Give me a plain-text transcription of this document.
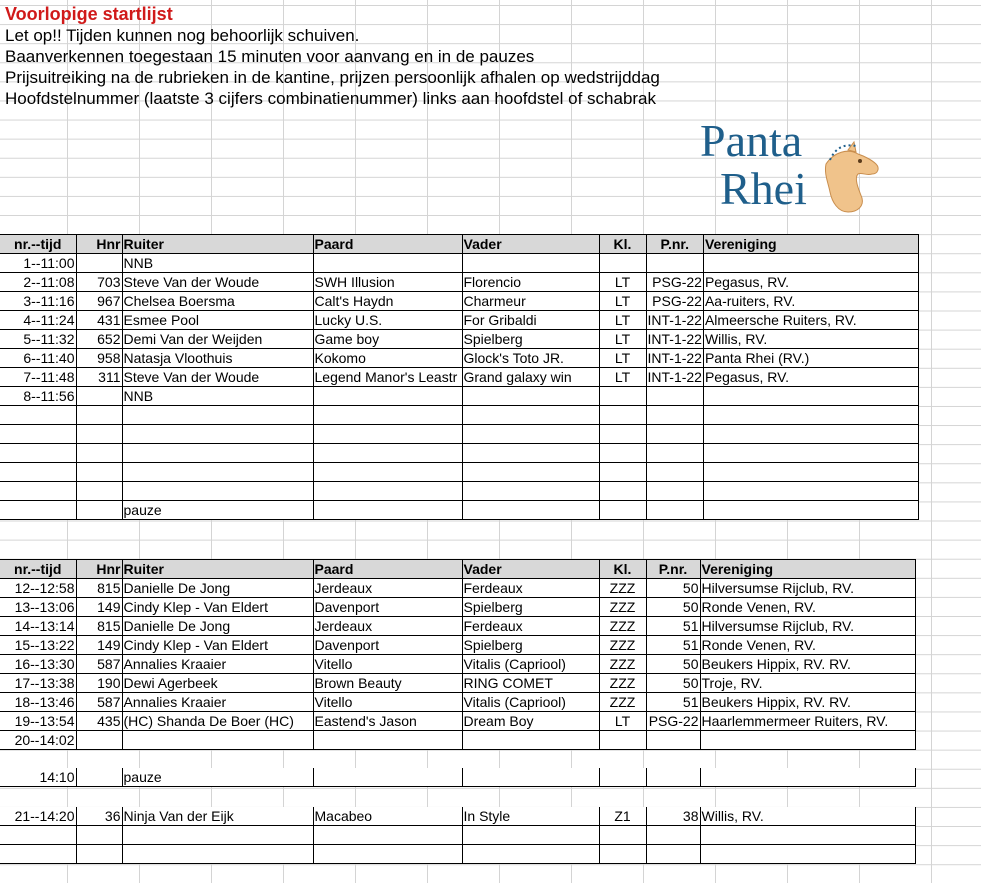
Voorlopige startlijst
Let op!! Tijden kunnen nog behoorlijk schuiven.
Baanverkennen toegestaan 15 minuten voor aanvang en in de pauzes
Prijsuitreiking na de rubrieken in de kantine, prijzen persoonlijk afhalen op wedstrijddag
Hoofdstelnummer (laatste 3 cijfers combinatienummer) links aan hoofdstel of schabrak
Panta
Rhei
nr.--tijd	Hnr	Ruiter	Paard	Vader	Kl.	P.nr.	Vereniging
1--11:00		NNB					
2--11:08	703	Steve Van der Woude	SWH Illusion	Florencio	LT	PSG-22	Pegasus, RV.
3--11:16	967	Chelsea Boersma	Calt's Haydn	Charmeur	LT	PSG-22	Aa-ruiters, RV.
4--11:24	431	Esmee Pool	Lucky U.S.	For Gribaldi	LT	INT-1-22	Almeersche Ruiters, RV.
5--11:32	652	Demi Van der Weijden	Game boy	Spielberg	LT	INT-1-22	Willis, RV.
6--11:40	958	Natasja Vloothuis	Kokomo	Glock's Toto JR.	LT	INT-1-22	Panta Rhei (RV.)
7--11:48	311	Steve Van der Woude	Legend Manor's Leastr	Grand galaxy win	LT	INT-1-22	Pegasus, RV.
8--11:56		NNB					

		pauze					
nr.--tijd	Hnr	Ruiter	Paard	Vader	Kl.	P.nr.	Vereniging
12--12:58	815	Danielle De Jong	Jerdeaux	Ferdeaux	ZZZ	50	Hilversumse Rijclub, RV.
13--13:06	149	Cindy Klep - Van Eldert	Davenport	Spielberg	ZZZ	50	Ronde Venen, RV.
14--13:14	815	Danielle De Jong	Jerdeaux	Ferdeaux	ZZZ	51	Hilversumse Rijclub, RV.
15--13:22	149	Cindy Klep - Van Eldert	Davenport	Spielberg	ZZZ	51	Ronde Venen, RV.
16--13:30	587	Annalies Kraaier	Vitello	Vitalis (Capriool)	ZZZ	50	Beukers Hippix, RV. RV.
17--13:38	190	Dewi Agerbeek	Brown Beauty	RING COMET	ZZZ	50	Troje, RV.
18--13:46	587	Annalies Kraaier	Vitello	Vitalis (Capriool)	ZZZ	51	Beukers Hippix, RV. RV.
19--13:54	435	(HC) Shanda De Boer (HC)	Eastend's Jason	Dream Boy	LT	PSG-22	Haarlemmermeer Ruiters, RV.
20--14:02							
14:10		pauze					
21--14:20	36	Ninja Van der Eijk	Macabeo	In Style	Z1	38	Willis, RV.
